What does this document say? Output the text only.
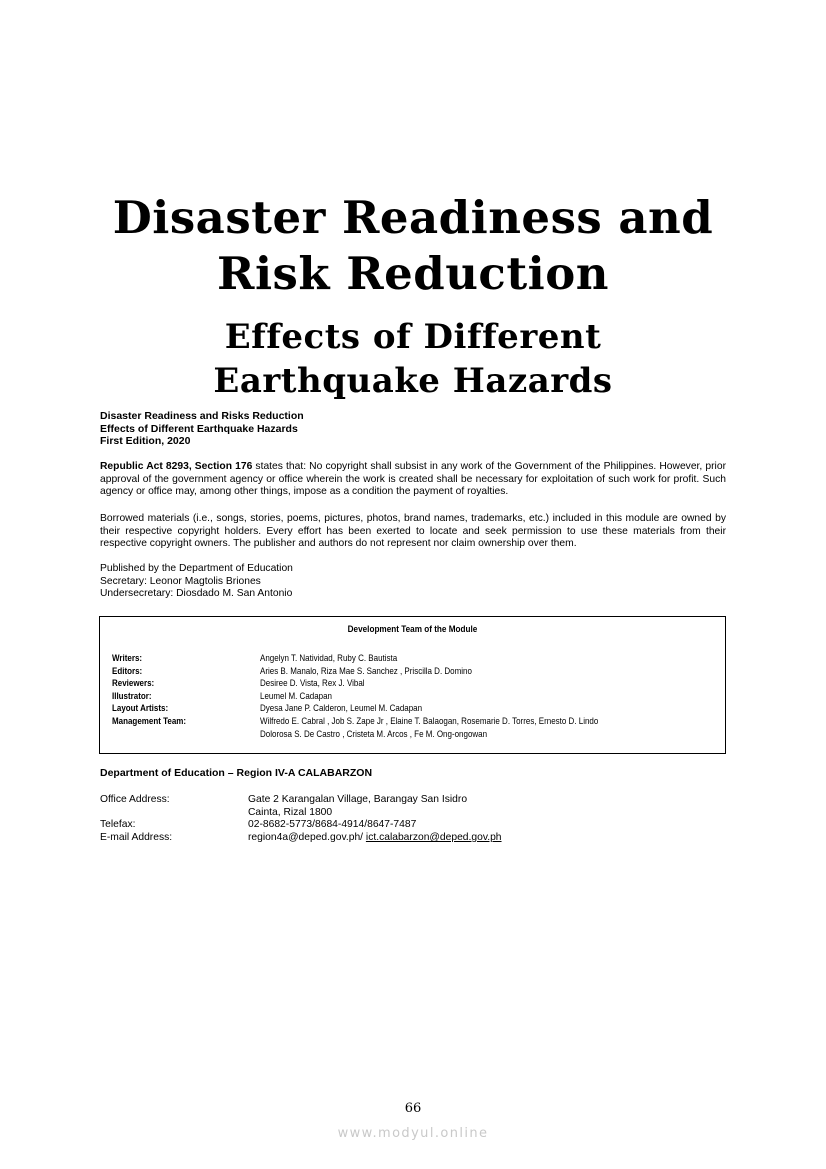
Disaster Readiness and
Risk Reduction
Effects of Different
Earthquake Hazards
Disaster Readiness and Risks Reduction
Effects of Different Earthquake Hazards
First Edition, 2020
Republic Act 8293, Section 176 states that: No copyright shall subsist in any work of the Government of the Philippines. However, prior approval of the government agency or office wherein the work is created shall be necessary for exploitation of such work for profit. Such agency or office may, among other things, impose as a condition the payment of royalties.
Borrowed materials (i.e., songs, stories, poems, pictures, photos, brand names, trademarks, etc.) included in this module are owned by their respective copyright holders. Every effort has been exerted to locate and seek permission to use these materials from their respective copyright owners. The publisher and authors do not represent nor claim ownership over them.
Published by the Department of Education
Secretary: Leonor Magtolis Briones
Undersecretary: Diosdado M. San Antonio
Development Team of the Module
Writers:	Angelyn T. Natividad, Ruby C. Bautista
Editors:	Aries B. Manalo, Riza Mae S. Sanchez , Priscilla D. Domino
Reviewers:	Desiree D. Vista, Rex J. Vibal
Illustrator:	Leumel M. Cadapan
Layout Artists:	Dyesa Jane P. Calderon, Leumel M. Cadapan
Management Team:	Wilfredo E. Cabral , Job S. Zape Jr , Elaine T. Balaogan, Rosemarie D. Torres, Ernesto D. Lindo
Dolorosa S. De Castro , Cristeta M. Arcos , Fe M. Ong-ongowan
Department of Education – Region IV-A CALABARZON
Office Address:	Gate 2 Karangalan Village, Barangay San Isidro
Cainta, Rizal 1800
Telefax:	02-8682-5773/8684-4914/8647-7487
E-mail Address:	region4a@deped.gov.ph/ ict.calabarzon@deped.gov.ph
66
www.modyul.online
